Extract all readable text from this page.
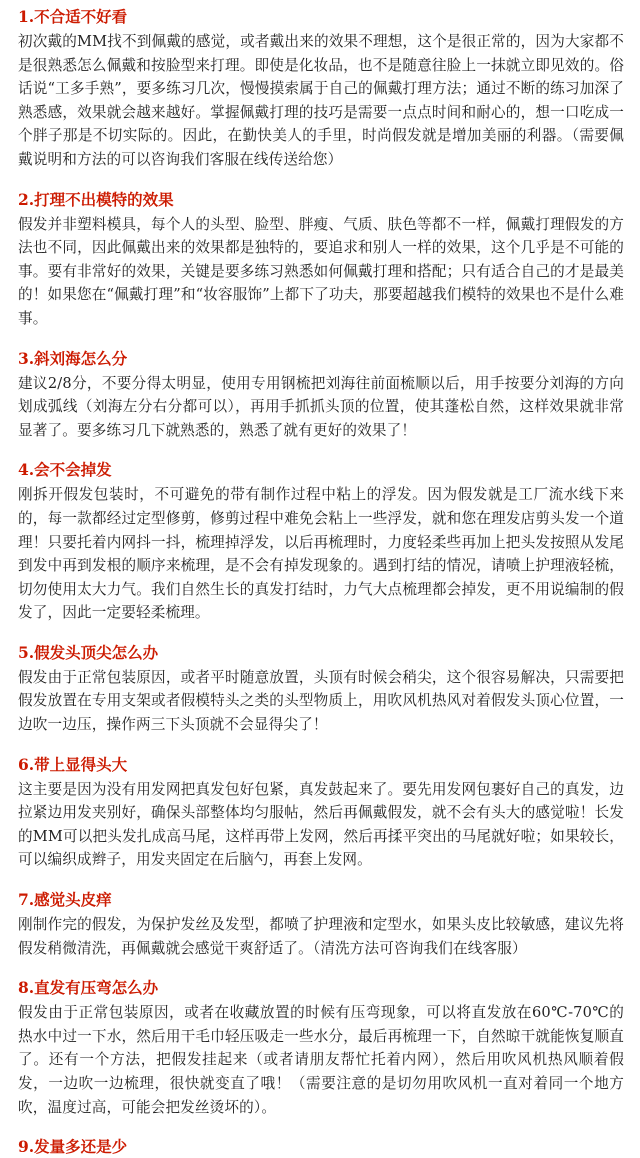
1.不合适不好看

初次戴的MM找不到佩戴的感觉，或者戴出来的效果不理想，这个是很正常的，因为大家都不是很熟悉怎么佩戴和按脸型来打理。即使是化妆品，也不是随意往脸上一抹就立即见效的。俗话说“工多手熟”，要多练习几次，慢慢摸索属于自己的佩戴打理方法；通过不断的练习加深了熟悉感，效果就会越来越好。掌握佩戴打理的技巧是需要一点点时间和耐心的，想一口吃成一个胖子那是不切实际的。因此，在勤快美人的手里，时尚假发就是增加美丽的利器。（需要佩戴说明和方法的可以咨询我们客服在线传送给您）

2.打理不出模特的效果

假发并非塑料模具，每个人的头型、脸型、胖瘦、气质、肤色等都不一样，佩戴打理假发的方法也不同，因此佩戴出来的效果都是独特的，要追求和别人一样的效果，这个几乎是不可能的事。要有非常好的效果，关键是要多练习熟悉如何佩戴打理和搭配；只有适合自己的才是最美的！如果您在“佩戴打理”和“妆容服饰”上都下了功夫，那要超越我们模特的效果也不是什么难事。

3.斜刘海怎么分

建议2/8分，不要分得太明显，使用专用钢梳把刘海往前面梳顺以后，用手按要分刘海的方向划成弧线（刘海左分右分都可以），再用手抓抓头顶的位置，使其蓬松自然，这样效果就非常显著了。要多练习几下就熟悉的，熟悉了就有更好的效果了！

4.会不会掉发

刚拆开假发包装时，不可避免的带有制作过程中粘上的浮发。因为假发就是工厂流水线下来的，每一款都经过定型修剪，修剪过程中难免会粘上一些浮发，就和您在理发店剪头发一个道理！只要托着内网抖一抖，梳理掉浮发，以后再梳理时，力度轻柔些再加上把头发按照从发尾到发中再到发根的顺序来梳理，是不会有掉发现象的。遇到打结的情况，请喷上护理液轻梳，切勿使用太大力气。我们自然生长的真发打结时，力气大点梳理都会掉发，更不用说编制的假发了，因此一定要轻柔梳理。

5.假发头顶尖怎么办

假发由于正常包装原因，或者平时随意放置，头顶有时候会稍尖，这个很容易解决，只需要把假发放置在专用支架或者假模特头之类的头型物质上，用吹风机热风对着假发头顶心位置，一边吹一边压，操作两三下头顶就不会显得尖了！

6.带上显得头大

这主要是因为没有用发网把真发包好包紧，真发鼓起来了。要先用发网包裹好自己的真发，边拉紧边用发夹别好，确保头部整体均匀服帖，然后再佩戴假发，就不会有头大的感觉啦！长发的MM可以把头发扎成高马尾，这样再带上发网，然后再揉平突出的马尾就好啦；如果较长，可以编织成辫子，用发夹固定在后脑勺，再套上发网。

7.感觉头皮痒

刚制作完的假发，为保护发丝及发型，都喷了护理液和定型水，如果头皮比较敏感，建议先将假发稍微清洗，再佩戴就会感觉干爽舒适了。（清洗方法可咨询我们在线客服）

8.直发有压弯怎么办

假发由于正常包装原因，或者在收藏放置的时候有压弯现象，可以将直发放在60℃-70℃的热水中过一下水，然后用干毛巾轻压吸走一些水分，最后再梳理一下，自然晾干就能恢复顺直了。还有一个方法，把假发挂起来（或者请朋友帮忙托着内网），然后用吹风机热风顺着假发，一边吹一边梳理，很快就变直了哦！（需要注意的是切勿用吹风机一直对着同一个地方吹，温度过高，可能会把发丝烫坏的）。

9.发量多还是少
